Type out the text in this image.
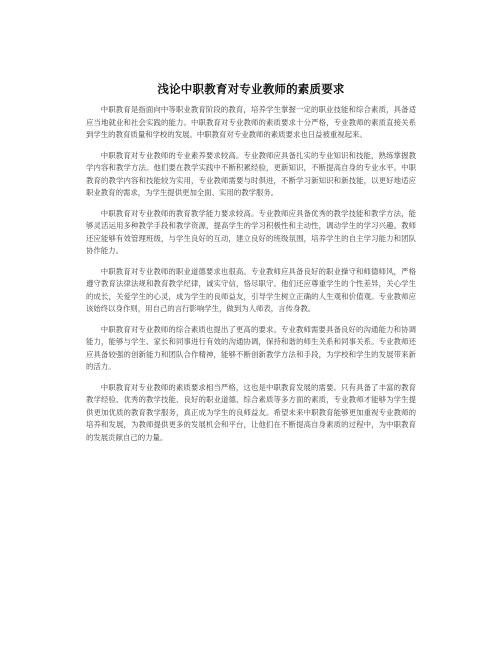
浅论中职教育对专业教师的素质要求

中职教育是指面向中等职业教育阶段的教育，培养学生掌握一定的职业技能和综合素质，具备适应当地就业和社会实践的能力。中职教育对专业教师的素质要求十分严格，专业教师的素质直接关系到学生的教育质量和学校的发展。中职教育对专业教师的素质要求也日益被重视起来。

中职教育对专业教师的专业素养要求较高。专业教师应具备扎实的专业知识和技能，熟练掌握教学内容和教学方法。他们要在教学实践中不断积累经验，更新知识，不断提高自身的专业水平。中职教育的教学内容和技能较为实用，专业教师需要与时俱进，不断学习新知识和新技能，以更好地适应职业教育的需求，为学生提供更加全面、实用的教学服务。

中职教育对专业教师的教育教学能力要求较高。专业教师应具备优秀的教学技能和教学方法，能够灵活运用多种教学手段和教学资源，提高学生的学习积极性和主动性，调动学生的学习兴趣。教师还应能够有效管理班级，与学生良好的互动，建立良好的班级氛围，培养学生的自主学习能力和团队协作能力。

中职教育对专业教师的职业道德要求也很高。专业教师应具备良好的职业操守和师德师风，严格遵守教育法律法规和教育教学纪律，诚实守信，恪尽职守。他们还应尊重学生的个性差异，关心学生的成长，关爱学生的心灵，成为学生的良师益友，引导学生树立正确的人生观和价值观。专业教师应该始终以身作则，用自己的言行影响学生，做到为人师表，言传身教。

中职教育对专业教师的综合素质也提出了更高的要求。专业教师需要具备良好的沟通能力和协调能力，能够与学生、家长和同事进行有效的沟通协调，保持和谐的师生关系和同事关系。专业教师还应具备较强的创新能力和团队合作精神，能够不断创新教学方法和手段，为学校和学生的发展带来新的活力。

中职教育对专业教师的素质要求相当严格，这也是中职教育发展的需要。只有具备了丰富的教育教学经验、优秀的教学技能、良好的职业道德、综合素质等多方面的素质，专业教师才能够为学生提供更加优质的教育教学服务，真正成为学生的良师益友。希望未来中职教育能够更加重视专业教师的培养和发展，为教师提供更多的发展机会和平台，让他们在不断提高自身素质的过程中，为中职教育的发展贡献自己的力量。
